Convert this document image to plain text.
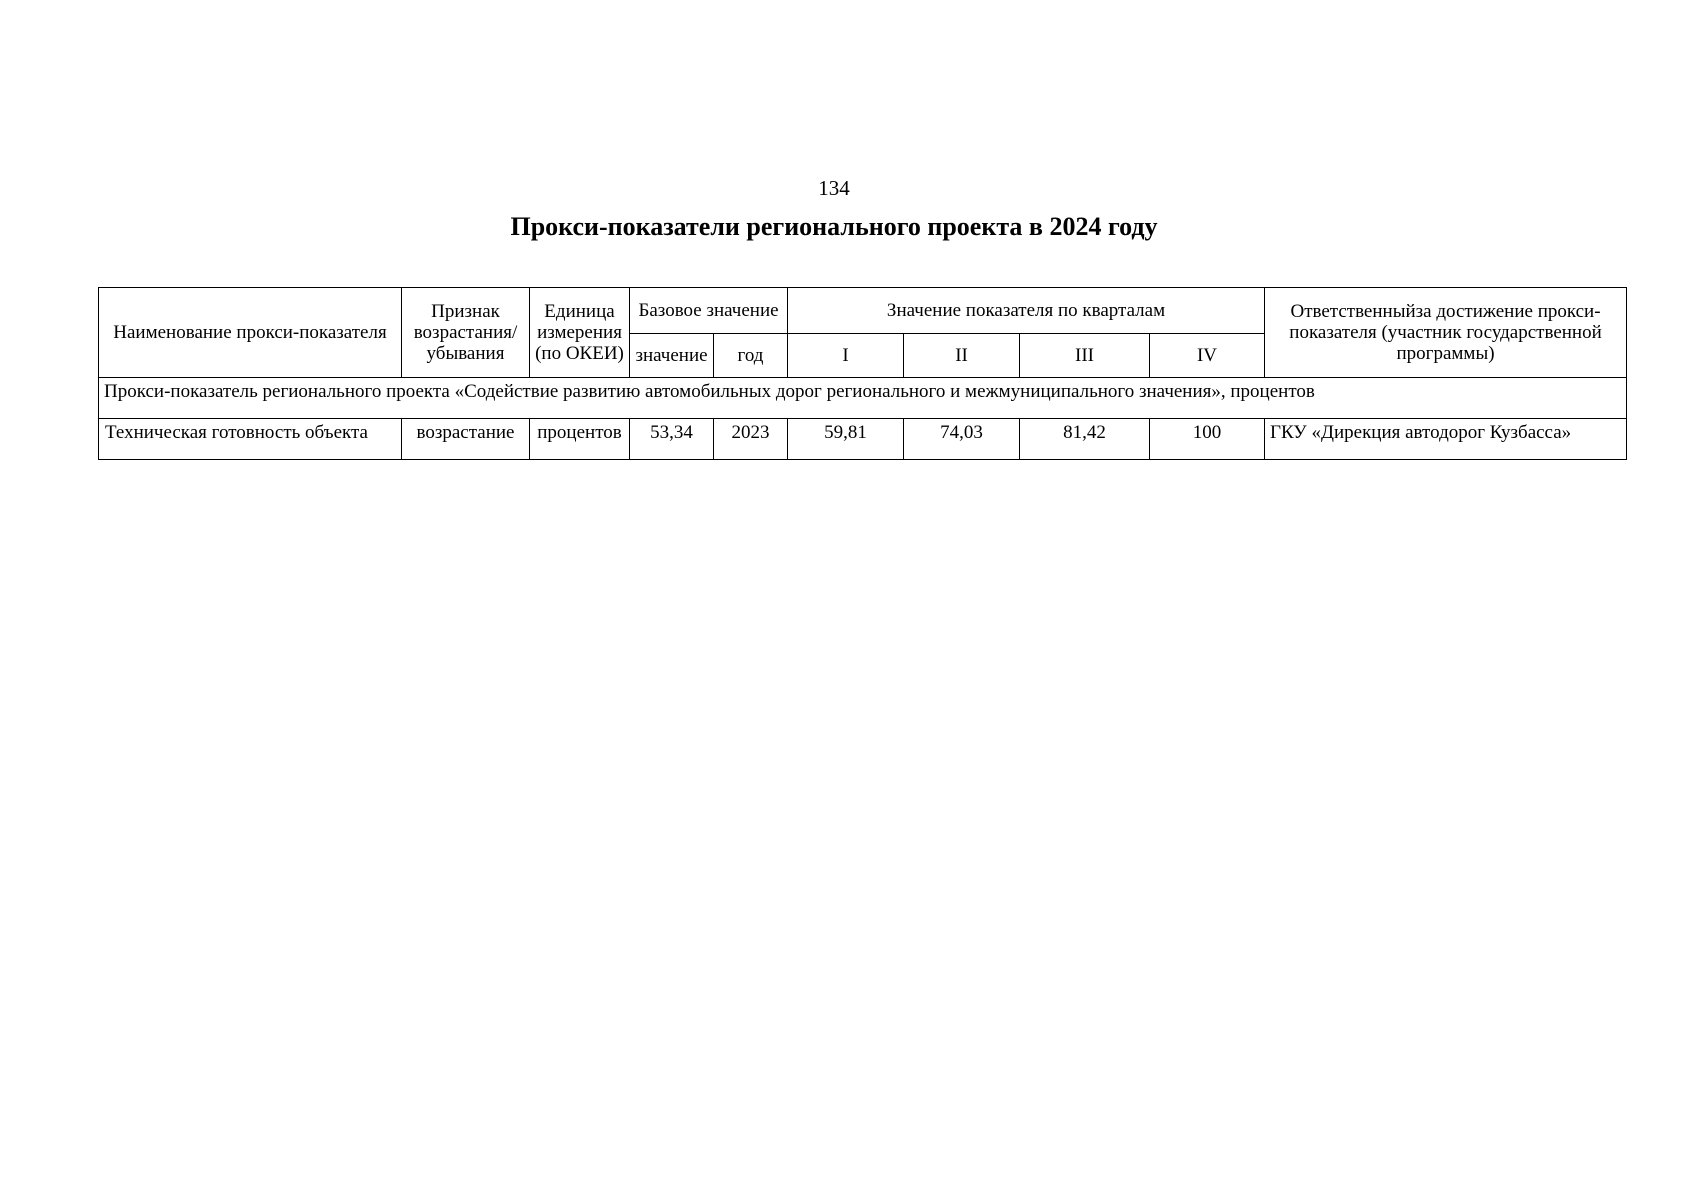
134
Прокси-показатели регионального проекта в 2024 году
Наименование прокси-показателя	Признак возрастания/ убывания	Единица измерения (по ОКЕИ)	Базовое значение		Значение показателя по кварталам				Ответственныйза достижение прокси-показателя (участник государственной программы)
			значение	год	I	II	III	IV	
Прокси-показатель регионального проекта «Содействие развитию автомобильных дорог регионального и межмуниципального значения», процентов									
Техническая готовность объекта	возрастание	процентов	53,34	2023	59,81	74,03	81,42	100	ГКУ «Дирекция автодорог Кузбасса»
